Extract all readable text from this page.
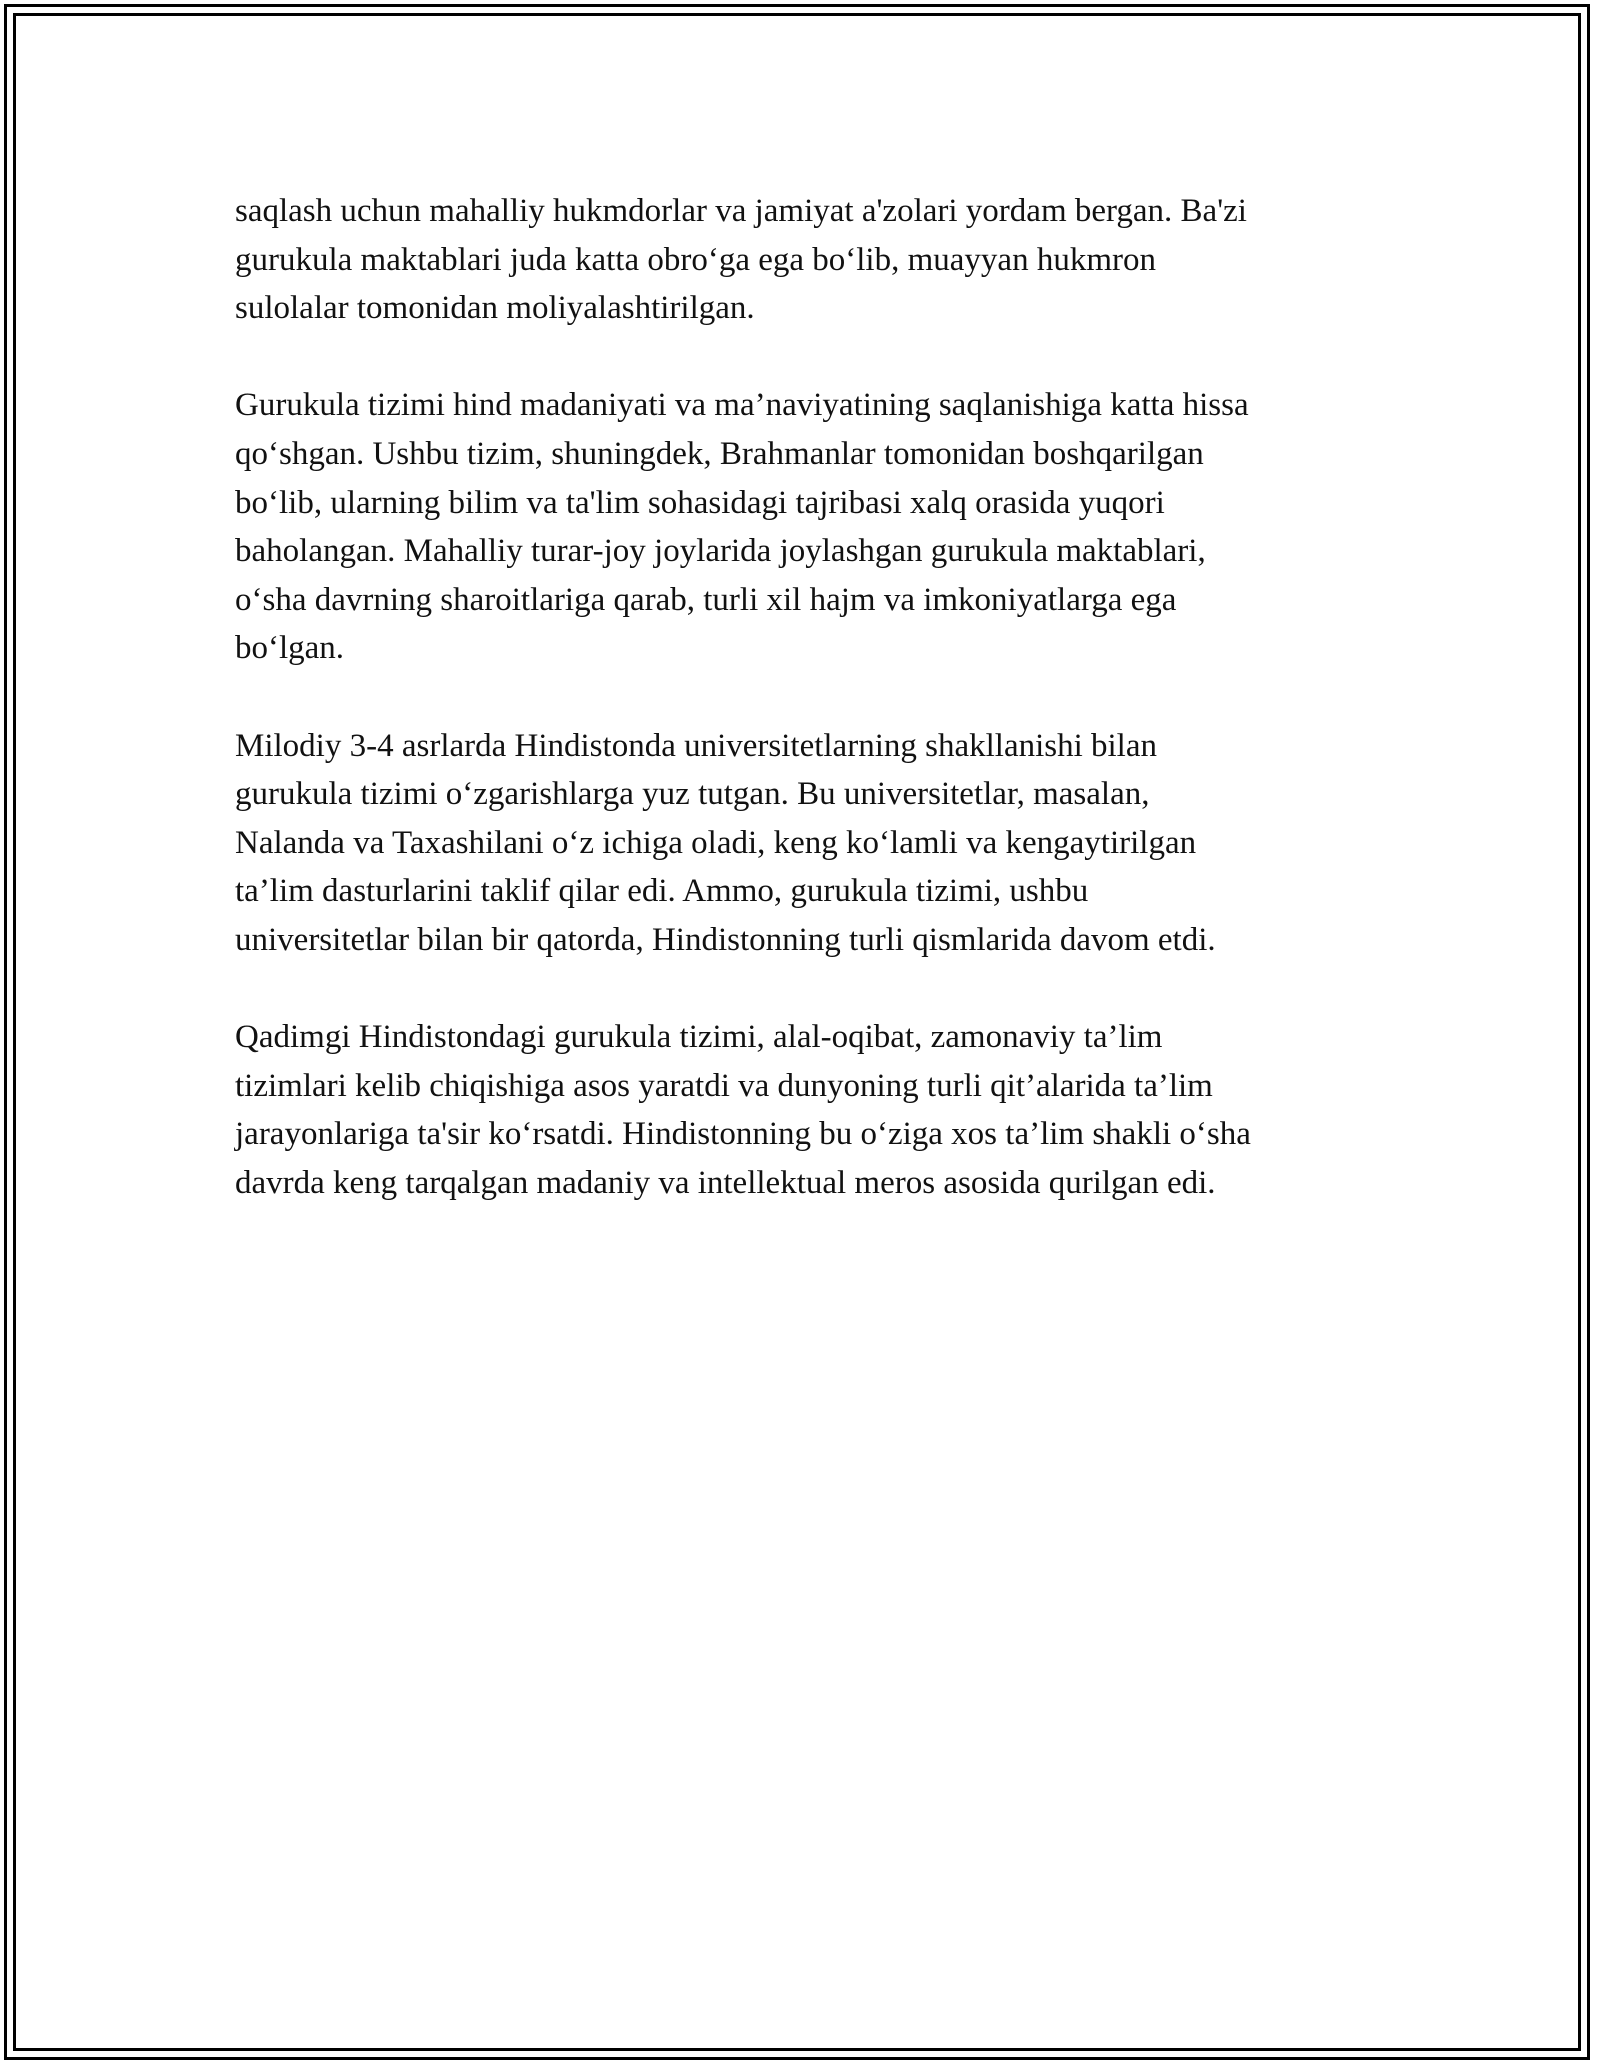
saqlash uchun mahalliy hukmdorlar va jamiyat a'zolari yordam bergan. Ba'zi
gurukula maktablari juda katta obro‘ga ega bo‘lib, muayyan hukmron
sulolalar tomonidan moliyalashtirilgan.

Gurukula tizimi hind madaniyati va ma’naviyatining saqlanishiga katta hissa
qo‘shgan. Ushbu tizim, shuningdek, Brahmanlar tomonidan boshqarilgan
bo‘lib, ularning bilim va ta'lim sohasidagi tajribasi xalq orasida yuqori
baholangan. Mahalliy turar-joy joylarida joylashgan gurukula maktablari,
o‘sha davrning sharoitlariga qarab, turli xil hajm va imkoniyatlarga ega
bo‘lgan.

Milodiy 3-4 asrlarda Hindistonda universitetlarning shakllanishi bilan
gurukula tizimi o‘zgarishlarga yuz tutgan. Bu universitetlar, masalan,
Nalanda va Taxashilani o‘z ichiga oladi, keng ko‘lamli va kengaytirilgan
ta’lim dasturlarini taklif qilar edi. Ammo, gurukula tizimi, ushbu
universitetlar bilan bir qatorda, Hindistonning turli qismlarida davom etdi.

Qadimgi Hindistondagi gurukula tizimi, alal-oqibat, zamonaviy ta’lim
tizimlari kelib chiqishiga asos yaratdi va dunyoning turli qit’alarida ta’lim
jarayonlariga ta'sir ko‘rsatdi. Hindistonning bu o‘ziga xos ta’lim shakli o‘sha
davrda keng tarqalgan madaniy va intellektual meros asosida qurilgan edi.
